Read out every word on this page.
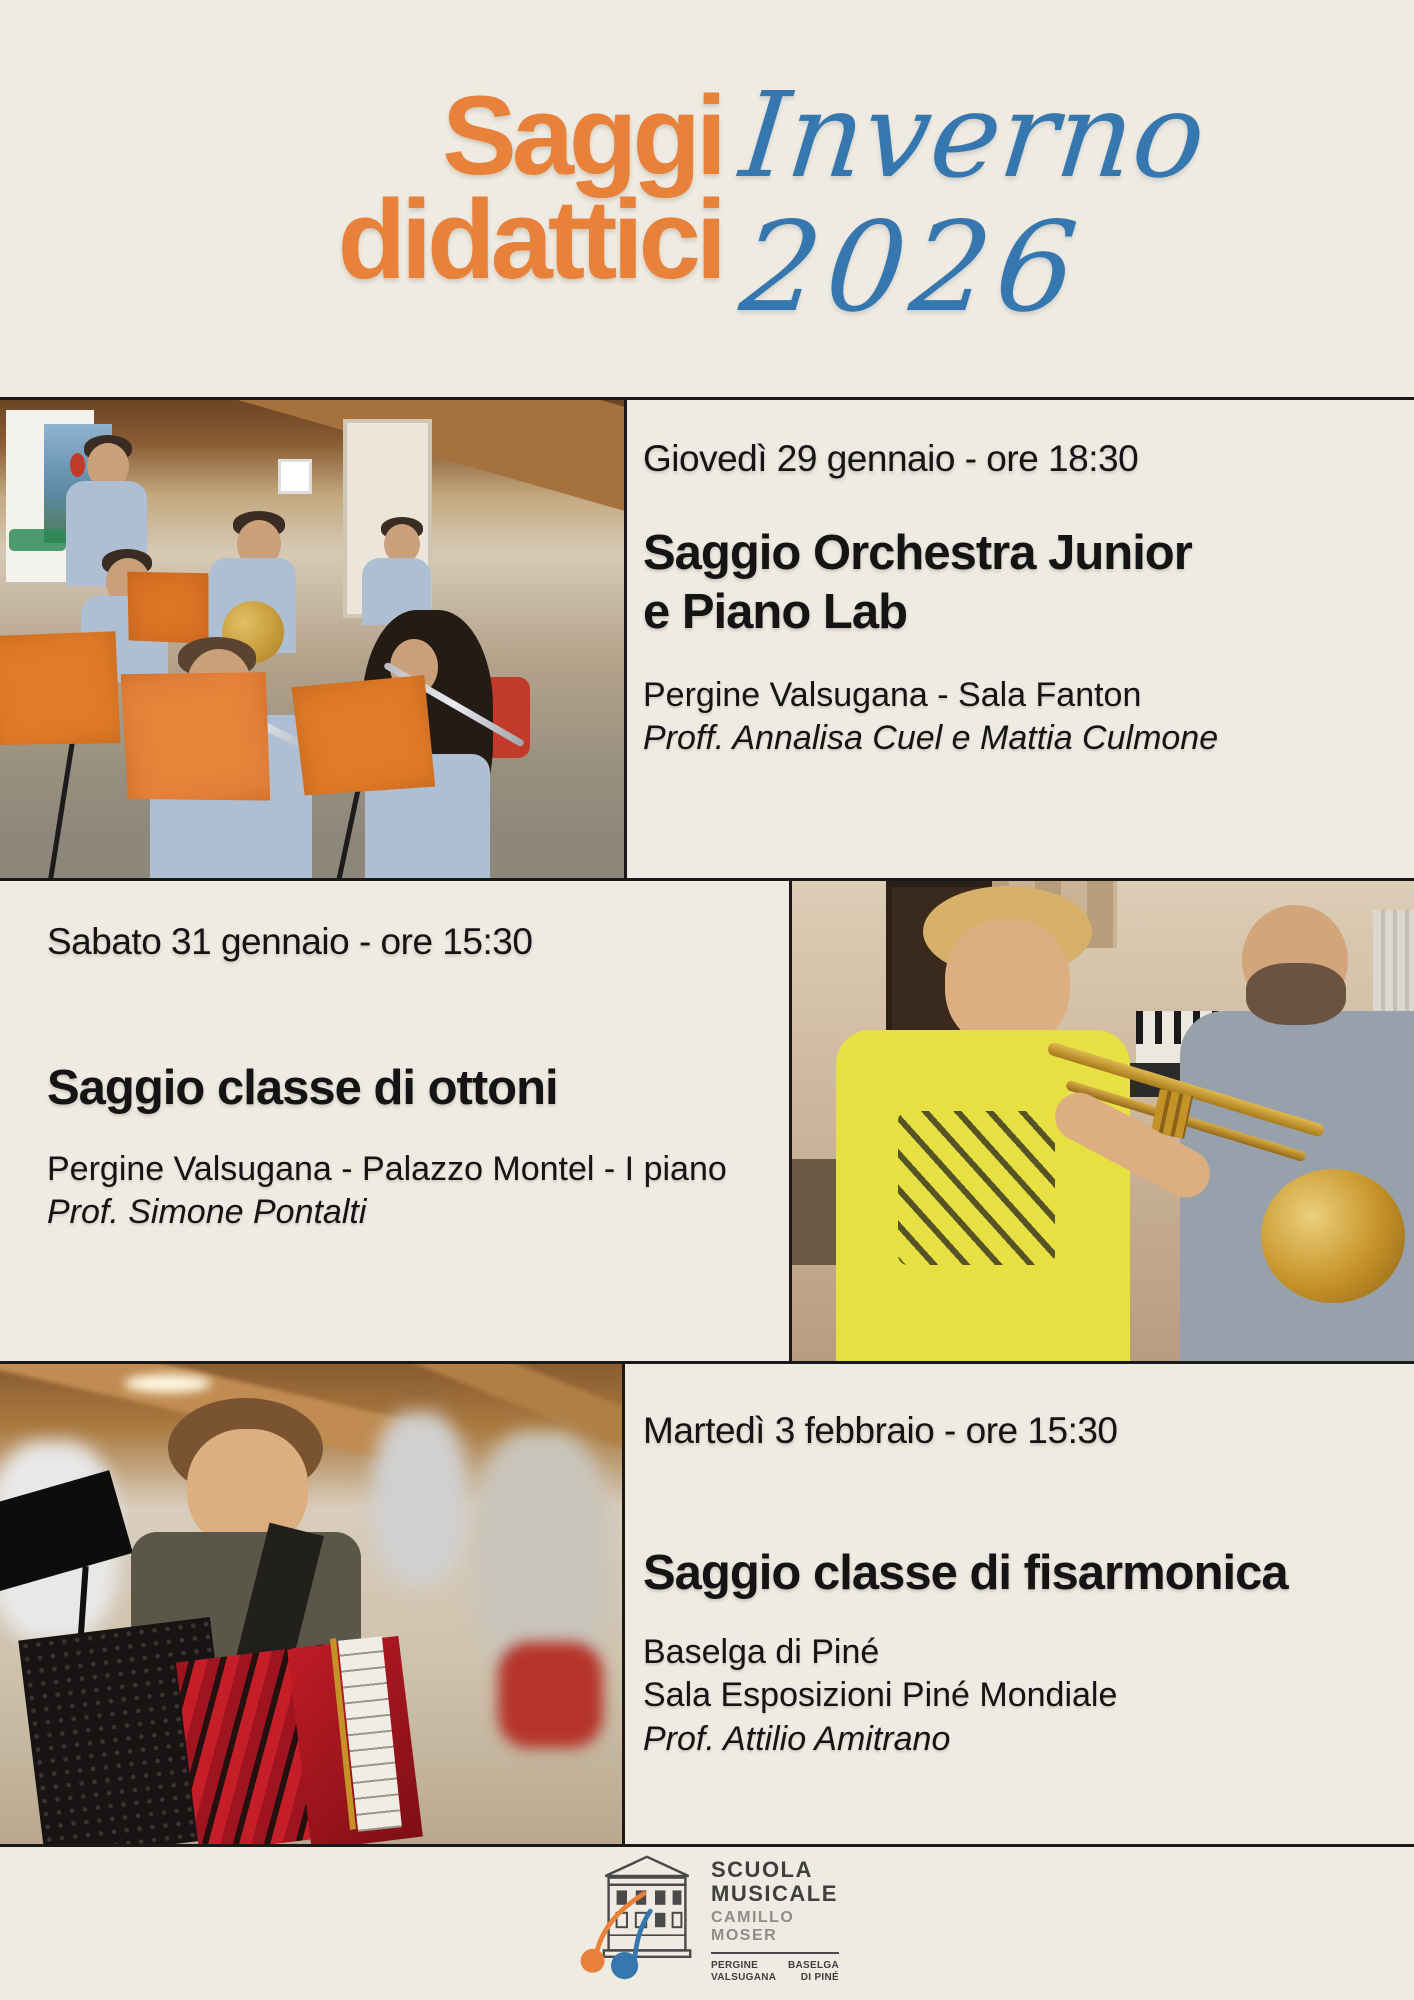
Saggi
didattici
Inverno
2026
Giovedì 29 gennaio - ore 18:30
Saggio Orchestra Junior
e Piano Lab
Pergine Valsugana - Sala Fanton
Proff. Annalisa Cuel e Mattia Culmone
Sabato 31 gennaio - ore 15:30
Saggio classe di ottoni
Pergine Valsugana - Palazzo Montel - I piano
Prof. Simone Pontalti
Martedì 3 febbraio - ore 15:30
Saggio classe di fisarmonica
Baselga di Piné
Sala Esposizioni Piné Mondiale
Prof. Attilio Amitrano
SCUOLA
MUSICALE
CAMILLO MOSER
PERGINE
VALSUGANA
BASELGA
DI PINÉ
